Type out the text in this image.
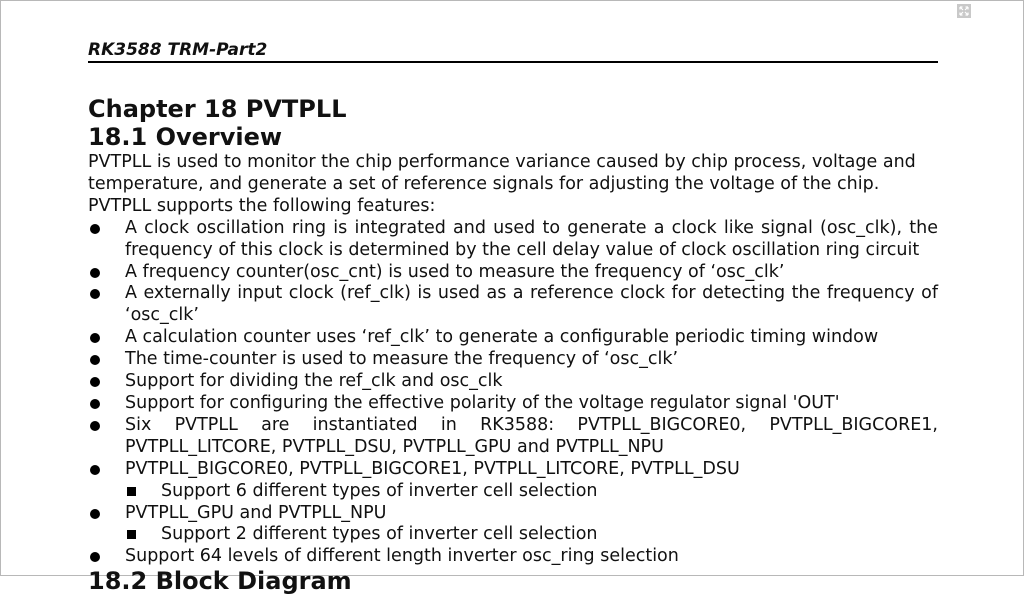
RK3588 TRM-Part2
Chapter 18 PVTPLL
18.1 Overview

PVTPLL is used to monitor the chip performance variance caused by chip process, voltage and temperature, and generate a set of reference signals for adjusting the voltage of the chip.

PVTPLL supports the following features:

A clock oscillation ring is integrated and used to generate a clock like signal (osc_clk), the frequency of this clock is determined by the cell delay value of clock oscillation ring circuit
A frequency counter(osc_cnt) is used to measure the frequency of ‘osc_clk’
A externally input clock (ref_clk) is used as a reference clock for detecting the frequency of ‘osc_clk’
A calculation counter uses ‘ref_clk’ to generate a configurable periodic timing window
The time-counter is used to measure the frequency of ‘osc_clk’
Support for dividing the ref_clk and osc_clk
Support for configuring the effective polarity of the voltage regulator signal 'OUT'
Six PVTPLL are instantiated in RK3588: PVTPLL_BIGCORE0, PVTPLL_BIGCORE1, PVTPLL_LITCORE, PVTPLL_DSU, PVTPLL_GPU and PVTPLL_NPU
PVTPLL_BIGCORE0, PVTPLL_BIGCORE1, PVTPLL_LITCORE, PVTPLL_DSU
Support 6 different types of inverter cell selection
PVTPLL_GPU and PVTPLL_NPU
Support 2 different types of inverter cell selection
Support 64 levels of different length inverter osc_ring selection
18.2 Block Diagram
